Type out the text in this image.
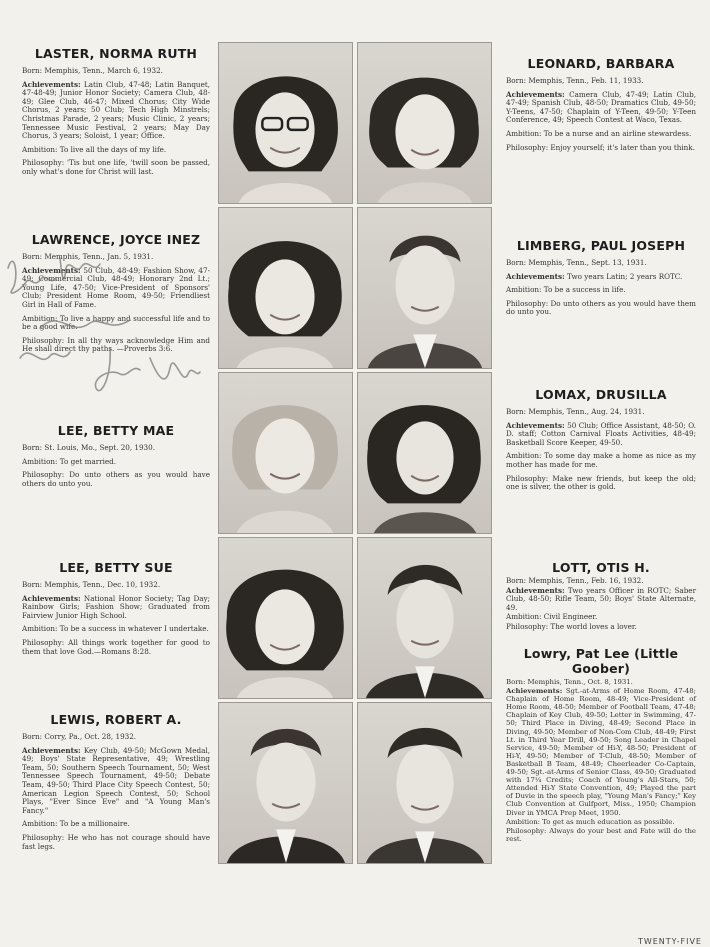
LASTER, NORMA RUTH

Born: Memphis, Tenn., March 6, 1932.

Achievements: Latin Club, 47-48; Latin Banquet, 47-48-49; Junior Honor Society; Camera Club, 48-49; Glee Club, 46-47; Mixed Chorus; City Wide Chorus, 2 years; 50 Club; Tech High Minstrels; Christmas Parade, 2 years; Music Clinic, 2 years; Tennessee Music Festival, 2 years; May Day Chorus, 3 years; Soloist, 1 year; Office.

Ambition: To live all the days of my life.

Philosophy: 'Tis but one life, 'twill soon be passed, only what's done for Christ will last.

LAWRENCE, JOYCE INEZ

Born: Memphis, Tenn., Jan. 5, 1931.

Achievements: 50 Club, 48-49; Fashion Show, 47-49; Commercial Club, 48-49; Honorary 2nd Lt.; Young Life, 47-50; Vice-President of Sponsors' Club; President Home Room, 49-50; Friendliest Girl in Hall of Fame.

Ambition: To live a happy and successful life and to be a good wife.

Philosophy: In all thy ways acknowledge Him and He shall direct thy paths. —Proverbs 3:6.

LEE, BETTY MAE

Born: St. Louis, Mo., Sept. 20, 1930.

Ambition: To get married.

Philosophy: Do unto others as you would have others do unto you.

LEE, BETTY SUE

Born: Memphis, Tenn., Dec. 10, 1932.

Achievements: National Honor Society; Tag Day; Rainbow Girls; Fashion Show; Graduated from Fairview Junior High School.

Ambition: To be a success in whatever I undertake.

Philosophy: All things work together for good to them that love God.—Romans 8:28.

LEWIS, ROBERT A.

Born: Corry, Pa., Oct. 28, 1932.

Achievements: Key Club, 49-50; McGown Medal, 49; Boys' State Representative, 49; Wrestling Team, 50; Southern Speech Tournament, 50; West Tennessee Speech Tournament, 49-50; Debate Team, 49-50; Third Place City Speech Contest, 50; American Legion Speech Contest, 50; School Plays, "Ever Since Eve" and "A Young Man's Fancy."

Ambition: To be a millionaire.

Philosophy: He who has not courage should have fast legs.

LEONARD, BARBARA

Born: Memphis, Tenn., Feb. 11, 1933.

Achievements: Camera Club, 47-49; Latin Club, 47-49; Spanish Club, 48-50; Dramatics Club, 49-50; Y-Teens, 47-50; Chaplain of Y-Teen, 49-50; Y-Teen Conference, 49; Speech Contest at Waco, Texas.

Ambition: To be a nurse and an airline stewardess.

Philosophy: Enjoy yourself; it's later than you think.

LIMBERG, PAUL JOSEPH

Born: Memphis, Tenn., Sept. 13, 1931.

Achievements: Two years Latin; 2 years ROTC.

Ambition: To be a success in life.

Philosophy: Do unto others as you would have them do unto you.

LOMAX, DRUSILLA

Born: Memphis, Tenn., Aug. 24, 1931.

Achievements: 50 Club; Office Assistant, 48-50; O. D. staff; Cotton Carnival Floats Activities, 48-49; Basketball Score Keeper, 49-50.

Ambition: To some day make a home as nice as my mother has made for me.

Philosophy: Make new friends, but keep the old; one is silver, the other is gold.

LOTT, OTIS H.

Born: Memphis, Tenn., Feb. 16, 1932.

Achievements: Two years Officer in ROTC; Saber Club, 48-50; Rifle Team, 50; Boys' State Alternate, 49.

Ambition: Civil Engineer.

Philosophy: The world loves a lover.

Lowry, Pat Lee (Little Goober)

Born: Memphis, Tenn., Oct. 8, 1931.

Achievements: Sgt.-at-Arms of Home Room, 47-48; Chaplain of Home Room, 48-49; Vice-President of Home Room, 48-50; Member of Football Team, 47-48; Chaplain of Key Club, 49-50; Letter in Swimming, 47-50; Third Place in Diving, 48-49; Second Place in Diving, 49-50; Member of Non-Com Club, 48-49; First Lt. in Third Year Drill, 49-50; Song Leader in Chapel Service, 49-50; Member of Hi-Y, 48-50; President of Hi-Y, 49-50; Member of T-Club, 48-50; Member of Basketball B Team, 48-49; Cheerleader Co-Captain, 49-50; Sgt.-at-Arms of Senior Class, 49-50; Graduated with 17¼ Credits; Coach of Young's All-Stars, 50; Attended Hi-Y State Convention, 49; Played the part of Duvie in the speech play, "Young Man's Fancy;" Key Club Convention at Gulfport, Miss., 1950; Champion Diver in YMCA Prep Meet, 1950.

Ambition: To get as much education as possible.

Philosophy: Always do your best and Fate will do the rest.

TWENTY-FIVE
